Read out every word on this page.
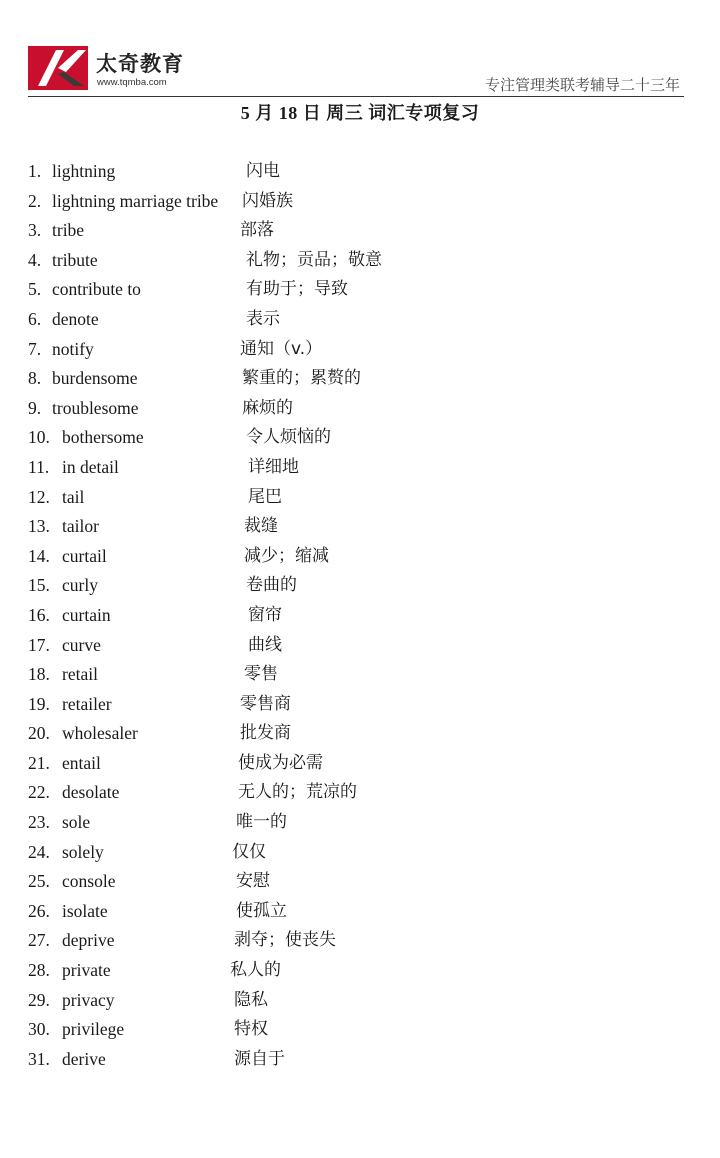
太奇教育
www.tqmba.com	专注管理类联考辅导二十三年
5 月 18 日 周三 词汇专项复习
1. lightning	闪电
2. lightning marriage tribe 闪婚族
3. tribe	部落
4. tribute	礼物；贡品；敬意
5. contribute to	有助于；导致
6. denote	表示
7. notify	通知（v.）
8. burdensome	繁重的；累赘的
9. troublesome	麻烦的
10. bothersome	令人烦恼的
11. in detail	详细地
12. tail	尾巴
13. tailor	裁缝
14. curtail	减少；缩减
15. curly	卷曲的
16. curtain	窗帘
17. curve	曲线
18. retail	零售
19. retailer	零售商
20. wholesaler	批发商
21. entail	使成为必需
22. desolate	无人的；荒凉的
23. sole	唯一的
24. solely	仅仅
25. console	安慰
26. isolate	使孤立
27. deprive	剥夺；使丧失
28. private	私人的
29. privacy	隐私
30. privilege	特权
31. derive	源自于
